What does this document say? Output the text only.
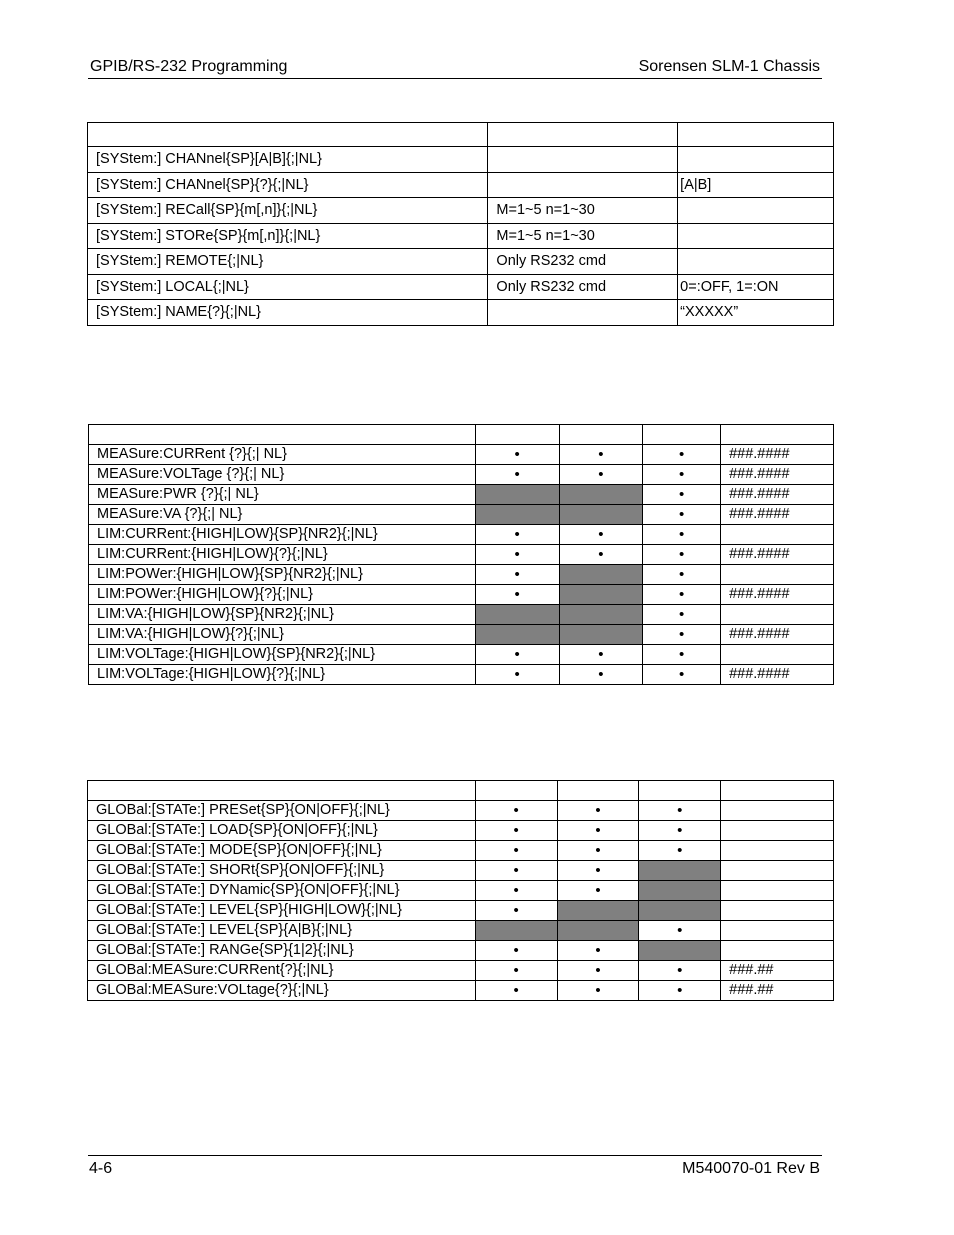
GPIB/RS-232 Programming	Sorensen SLM-1 Chassis

[SYStem:] CHANnel{SP}[A|B]{;|NL}		
[SYStem:] CHANnel{SP}{?}{;|NL}		[A|B]
[SYStem:] RECall{SP}{m[,n]}{;|NL}	M=1~5 n=1~30	
[SYStem:] STORe{SP}{m[,n]}{;|NL}	M=1~5 n=1~30	
[SYStem:] REMOTE{;|NL}	Only RS232 cmd	
[SYStem:] LOCAL{;|NL}	Only RS232 cmd	0=:OFF, 1=:ON
[SYStem:] NAME{?}{;|NL}		“XXXXX”

MEASure:CURRent {?}{;| NL}	•	•	•	###.####
MEASure:VOLTage {?}{;| NL}	•	•	•	###.####
MEASure:PWR {?}{;| NL}			•	###.####
MEASure:VA {?}{;| NL}			•	###.####
LIM:CURRent:{HIGH|LOW}{SP}{NR2}{;|NL}	•	•	•	
LIM:CURRent:{HIGH|LOW}{?}{;|NL}	•	•	•	###.####
LIM:POWer:{HIGH|LOW}{SP}{NR2}{;|NL}	•		•	
LIM:POWer:{HIGH|LOW}{?}{;|NL}	•		•	###.####
LIM:VA:{HIGH|LOW}{SP}{NR2}{;|NL}			•	
LIM:VA:{HIGH|LOW}{?}{;|NL}			•	###.####
LIM:VOLTage:{HIGH|LOW}{SP}{NR2}{;|NL}	•	•	•	
LIM:VOLTage:{HIGH|LOW}{?}{;|NL}	•	•	•	###.####

GLOBal:[STATe:] PRESet{SP}{ON|OFF}{;|NL}	•	•	•	
GLOBal:[STATe:] LOAD{SP}{ON|OFF}{;|NL}	•	•	•	
GLOBal:[STATe:] MODE{SP}{ON|OFF}{;|NL}	•	•	•	
GLOBal:[STATe:] SHORt{SP}{ON|OFF}{;|NL}	•	•		
GLOBal:[STATe:] DYNamic{SP}{ON|OFF}{;|NL}	•	•		
GLOBal:[STATe:] LEVEL{SP}{HIGH|LOW}{;|NL}	•			
GLOBal:[STATe:] LEVEL{SP}{A|B}{;|NL}			•	
GLOBal:[STATe:] RANGe{SP}{1|2}{;|NL}	•	•		
GLOBal:MEASure:CURRent{?}{;|NL}	•	•	•	###.##
GLOBal:MEASure:VOLtage{?}{;|NL}	•	•	•	###.##
4-6	M540070-01 Rev B
